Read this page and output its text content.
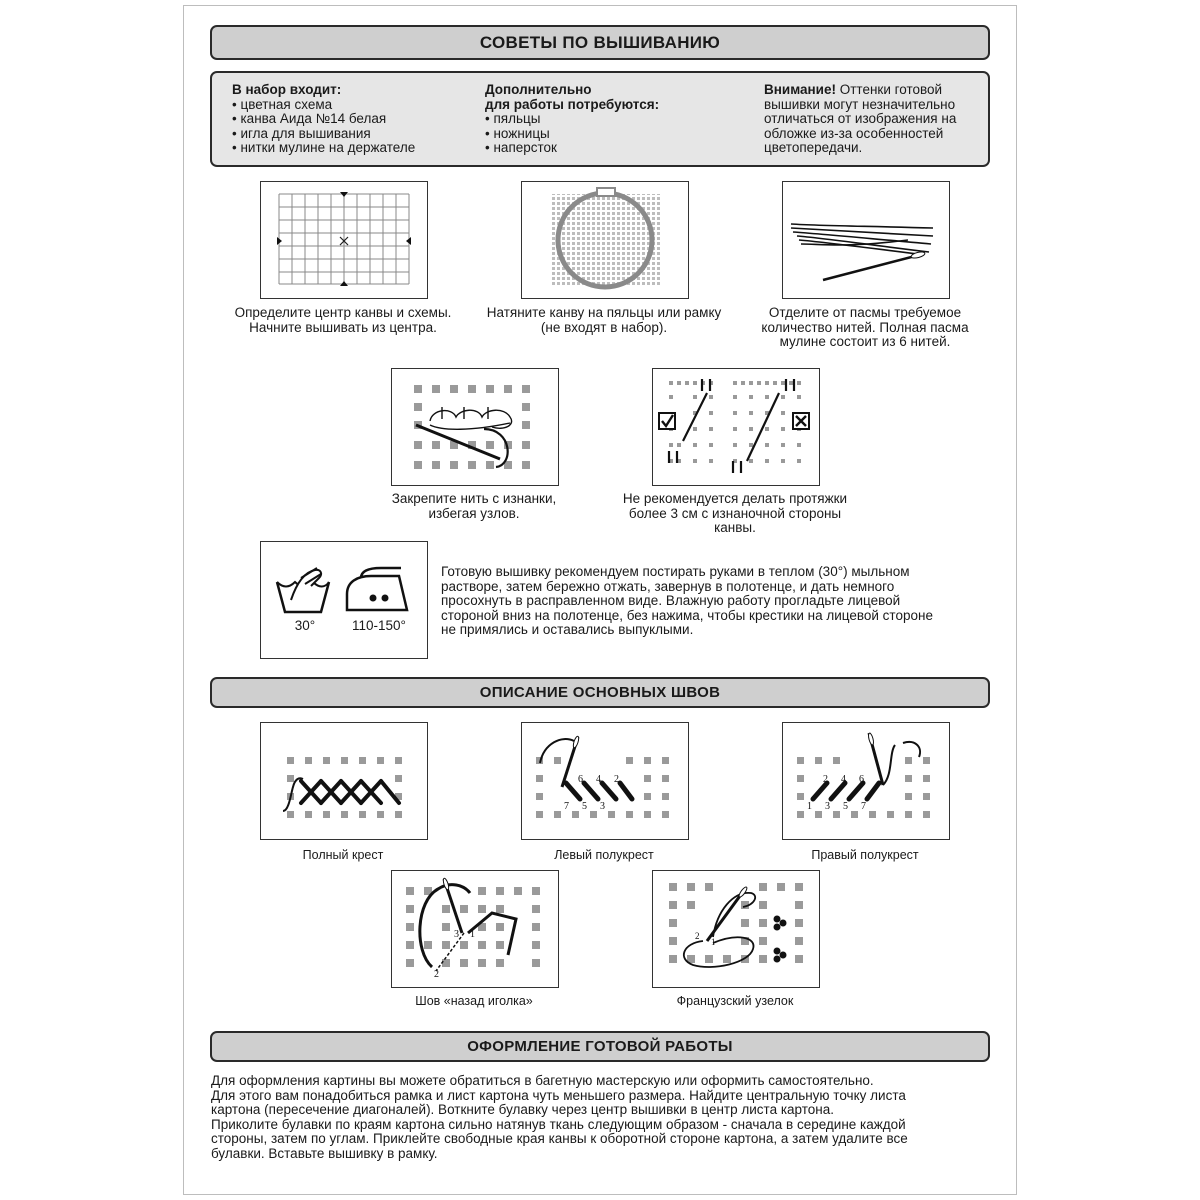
СОВЕТЫ ПО ВЫШИВАНИЮ
В набор входит:
• цветная схема
• канва Аида №14 белая
• игла для вышивания
• нитки мулине на держателе
Дополнительно
для работы потребуются:
• пяльцы
• ножницы
• наперсток
Внимание! Оттенки готовой
вышивки могут незначительно
отличаться от изображения на
обложке из-за особенностей
цветопередачи.
Определите центр канвы и схемы.
Начните вышивать из центра.
Натяните канву на пяльцы или рамку
(не входят в набор).
Отделите от пасмы требуемое
количество нитей. Полная пасма
мулине состоит из 6 нитей.
Закрепите нить с изнанки,
избегая узлов.
Не рекомендуется делать протяжки
более 3 см с изнаночной стороны
канвы.
30°	110-150°
Готовую вышивку рекомендуем постирать руками в теплом (30°) мыльном
растворе, затем бережно отжать, завернув в полотенце, и дать немного
просохнуть в расправленном виде. Влажную работу прогладьте лицевой
стороной вниз на полотенце, без нажима, чтобы крестики на лицевой стороне
не примялись и оставались выпуклыми.
ОПИСАНИЕ ОСНОВНЫХ ШВОВ
Полный крест
6 4 2
7 5 3
Левый полукрест
2 4 6
1 3 5 7
Правый полукрест
3 1
2
Шов «назад иголка»
2
1
Французский узелок
ОФОРМЛЕНИЕ ГОТОВОЙ РАБОТЫ
Для оформления картины вы можете обратиться в багетную мастерскую или оформить самостоятельно.
Для этого вам понадобиться рамка и лист картона чуть меньшего размера. Найдите центральную точку листа
картона (пересечение диагоналей). Воткните булавку через центр вышивки в центр листа картона.
Приколите булавки по краям картона сильно натянув ткань следующим образом - сначала в середине каждой
стороны, затем по углам. Приклейте свободные края канвы к оборотной стороне картона, а затем удалите все
булавки. Вставьте вышивку в рамку.
